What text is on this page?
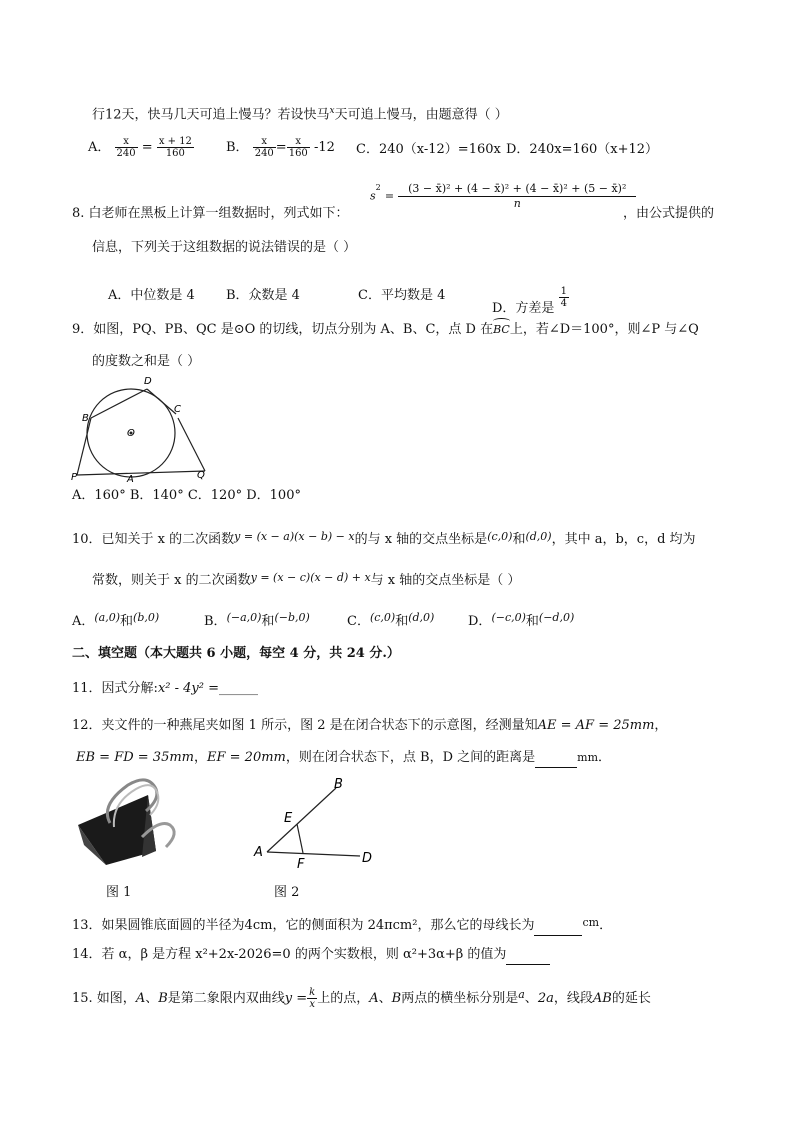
行12天，快马几天可追上慢马？若设快马$^x$天可追上慢马，由题意得（ ）
A． $\frac{x}{240} = \frac{x + 12}{160}$ B． $\frac{x}{240} = \frac{x}{160} -12$ C．240（x-12）=160x D．240x=160（x+12）
8. 白老师在黑板上计算一组数据时，列式如下：
$s^2 = \frac{\text{(3 − x̄)² + (4 − x̄)² + (4 − x̄)² + (5 − x̄)²}}{n}$
，由公式提供的
信息，下列关于这组数据的说法错误的是（ ）
A．中位数是 4 B．众数是 4	C．平均数是 4
D．方差是 $\frac{1}{4}$
9．如图，PQ、PB、QC 是⊙O 的切线，切点分别为 A、B、C，点 D 在
BC上，若∠D＝100°，则∠P 与∠Q
的度数之和是（ ）
D
B
C
O
P	A	Q
A．160° B．140° C．120° D．100°
10．已知关于 x 的二次函数$^{y = (x - a)(x - b) - x}$的与 x 轴的交点坐标是$^{(c,0)}$和$^{(d,0)}$，其中 a，b，c，d 均为
常数，则关于 x 的二次函数$^{y = (x - c)(x - d) + x}$与 x 轴的交点坐标是（ ）
A．$^{(a,0)}$和$^{(b,0)}$	B．$^{(-a,0)}$和$^{(-b,0)}$	C．$^{(c,0)}$和$^{(d,0)}$	D．$^{(-c,0)}$和$^{(-d,0)}$
二、填空题（本大题共 6 小题，每空 4 分，共 24 分.）
11．因式分解:x² - 4y² =______
12．夹文件的一种燕尾夹如图 1 所示，图 2 是在闭合状态下的示意图，经测量知AE = AF = 25mm，
EB = FD = 35mm，EF = 20mm，则在闭合状态下，点 B，D 之间的距离是	mm．
图 1
B
E
A
F	D
图 2
13．如果圆锥底面圆的半径为4cm，它的侧面积为 24πcm²，那么它的母线长为	$^{cm}$．
14．若 α，β 是方程 x²+2x-2026=0 的两个实数根，则 α²+3α+β 的值为
15. 如图，A、B是第二象限内双曲线$y = \frac{k}{x}$ 上的点，A、B两点的横坐标分别是$^a$、2a，线段AB的延长
